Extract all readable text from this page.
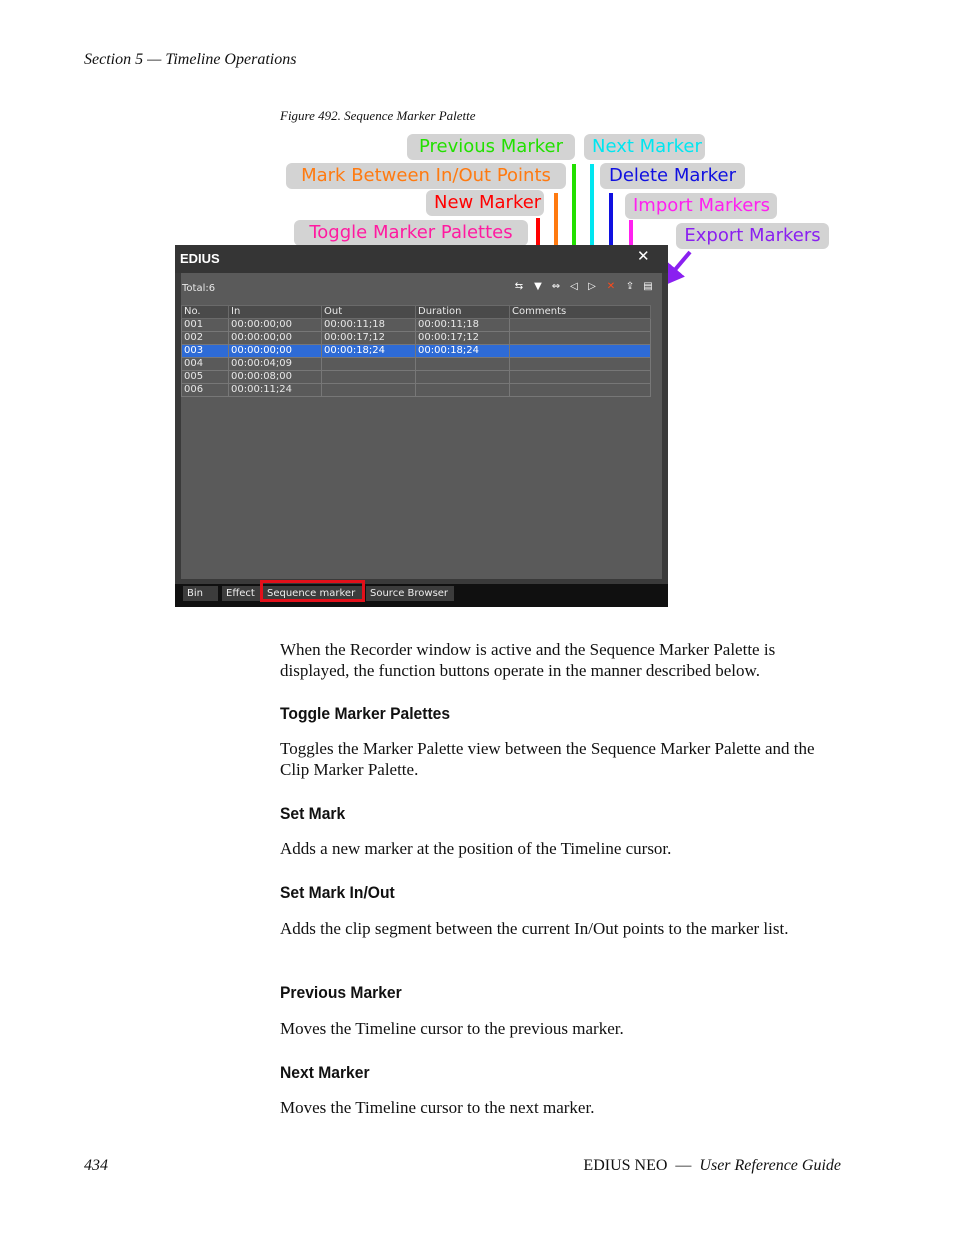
Section 5 — Timeline Operations
Figure 492. Sequence Marker Palette
Previous Marker	Next Marker
Mark Between In/Out Points	Delete Marker
New Marker	Import Markers
Toggle Marker Palettes	Export Markers
EDIUS	✕
Total:6	⇆ ▼ ⇔ ◁ ▷ ✕ ⇪ ▤
No.	In	Out	Duration	Comments
001	00:00:00;00	00:00:11;18	00:00:11;18	
002	00:00:00;00	00:00:17;12	00:00:17;12	
003	00:00:00;00	00:00:18;24	00:00:18;24	
004	00:00:04;09			
005	00:00:08;00			
006	00:00:11;24			
Bin	Effect	Sequence marker	Source Browser
When the Recorder window is active and the Sequence Marker Palette is displayed, the function buttons operate in the manner described below.
Toggle Marker Palettes
Toggles the Marker Palette view between the Sequence Marker Palette and the Clip Marker Palette.
Set Mark
Adds a new marker at the position of the Timeline cursor.
Set Mark In/Out
Adds the clip segment between the current In/Out points to the marker list.
Previous Marker
Moves the Timeline cursor to the previous marker.
Next Marker
Moves the Timeline cursor to the next marker.
434	EDIUS NEO — User Reference Guide
